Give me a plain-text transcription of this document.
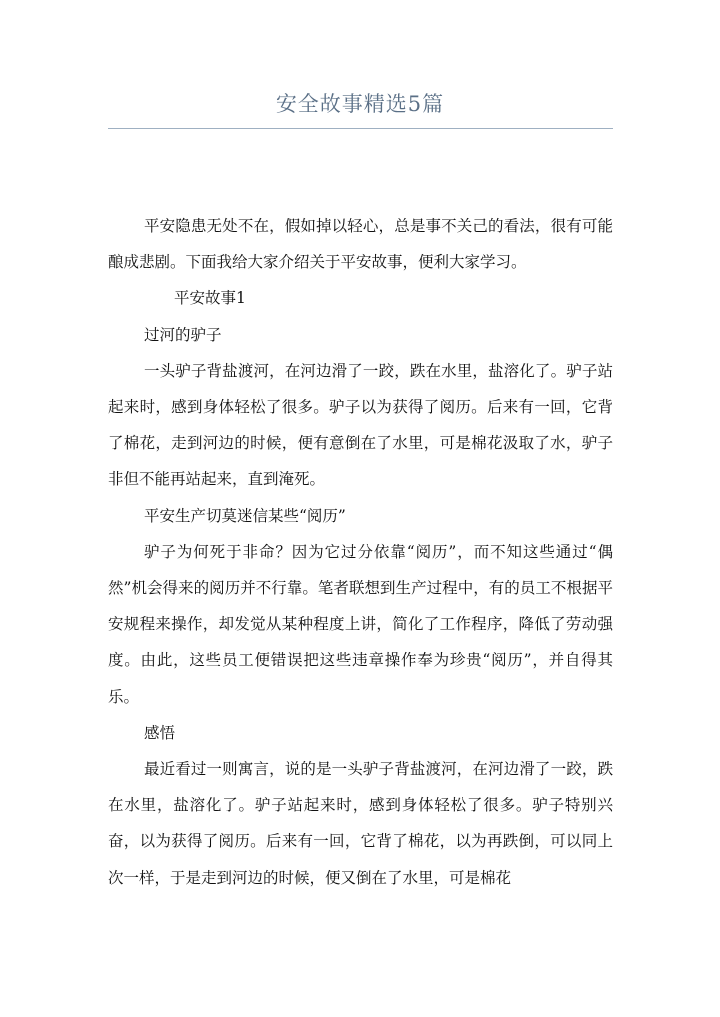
安全故事精选5篇

平安隐患无处不在，假如掉以轻心，总是事不关己的看法，很有可能酿成悲剧。下面我给大家介绍关于平安故事，便利大家学习。

平安故事1

过河的驴子

一头驴子背盐渡河，在河边滑了一跤，跌在水里，盐溶化了。驴子站起来时，感到身体轻松了很多。驴子以为获得了阅历。后来有一回，它背了棉花，走到河边的时候，便有意倒在了水里，可是棉花汲取了水，驴子非但不能再站起来，直到淹死。

平安生产切莫迷信某些“阅历”

驴子为何死于非命？因为它过分依靠“阅历”，而不知这些通过“偶然”机会得来的阅历并不行靠。笔者联想到生产过程中，有的员工不根据平安规程来操作，却发觉从某种程度上讲，简化了工作程序，降低了劳动强度。由此，这些员工便错误把这些违章操作奉为珍贵“阅历”，并自得其乐。

感悟

最近看过一则寓言，说的是一头驴子背盐渡河，在河边滑了一跤，跌在水里，盐溶化了。驴子站起来时，感到身体轻松了很多。驴子特别兴奋，以为获得了阅历。后来有一回，它背了棉花，以为再跌倒，可以同上次一样，于是走到河边的时候，便又倒在了水里，可是棉花
